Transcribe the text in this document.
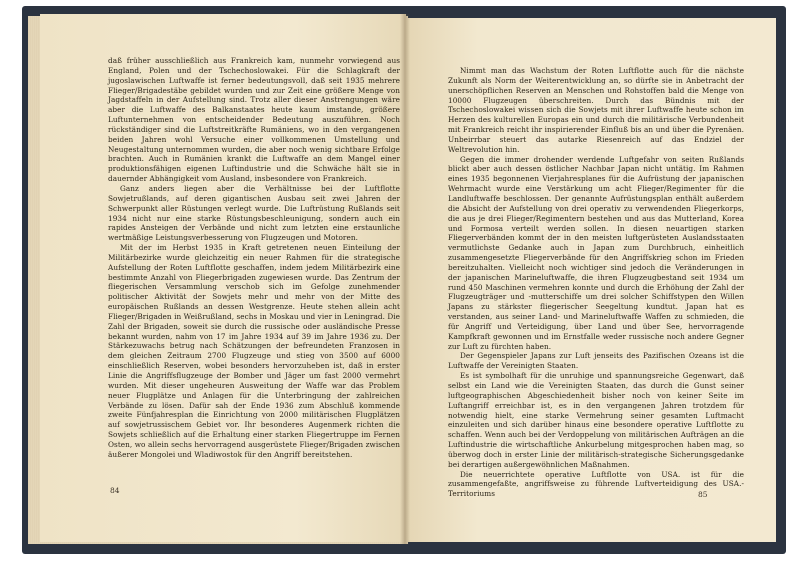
daß früher ausschließlich aus Frankreich kam, nunmehr vorwiegend aus England, Polen und der Tschechoslowakei. Für die Schlagkraft der jugoslawischen Luftwaffe ist ferner bedeutungsvoll, daß seit 1935 mehrere Flieger/Brigadestäbe gebildet wurden und zur Zeit eine größere Menge von Jagdstaffeln in der Aufstellung sind. Trotz aller dieser Anstrengungen wäre aber die Luftwaffe des Balkanstaates heute kaum imstande, größere Luftunternehmen von entscheidender Bedeutung auszuführen. Noch rückständiger sind die Luftstreitkräfte Rumäniens, wo in den vergangenen beiden Jahren wohl Versuche einer vollkommenen Umstellung und Neugestaltung unternommen wurden, die aber noch wenig sichtbare Erfolge brachten. Auch in Rumänien krankt die Luftwaffe an dem Mangel einer produktionsfähigen eigenen Luftindustrie und die Schwäche hält sie in dauernder Abhängigkeit vom Ausland, insbesondere von Frankreich.

Ganz anders liegen aber die Verhältnisse bei der Luftflotte Sowjetrußlands, auf deren gigantischen Ausbau seit zwei Jahren der Schwerpunkt aller Rüstungen verlegt wurde. Die Luftrüstung Rußlands seit 1934 nicht nur eine starke Rüstungsbeschleunigung, sondern auch ein rapides Ansteigen der Verbände und nicht zum letzten eine erstaunliche wertmäßige Leistungsverbesserung von Flugzeugen und Motoren.

Mit der im Herbst 1935 in Kraft getretenen neuen Einteilung der Militärbezirke wurde gleichzeitig ein neuer Rahmen für die strategische Aufstellung der Roten Luftflotte geschaffen, indem jedem Militärbezirk eine bestimmte Anzahl von Fliegerbrigaden zugewiesen wurde. Das Zentrum der fliegerischen Versammlung verschob sich im Gefolge zunehmender politischer Aktivität der Sowjets mehr und mehr von der Mitte des europäischen Rußlands an dessen Westgrenze. Heute stehen allein acht Flieger/Brigaden in Weißrußland, sechs in Moskau und vier in Leningrad. Die Zahl der Brigaden, soweit sie durch die russische oder ausländische Presse bekannt wurden, nahm von 17 im Jahre 1934 auf 39 im Jahre 1936 zu. Der Stärkezuwachs betrug nach Schätzungen der befreundeten Franzosen in dem gleichen Zeitraum 2700 Flugzeuge und stieg von 3500 auf 6000 einschließlich Reserven, wobei besonders hervorzuheben ist, daß in erster Linie die Angriffsflugzeuge der Bomber und Jäger um fast 2000 vermehrt wurden. Mit dieser ungeheuren Ausweitung der Waffe war das Problem neuer Flugplätze und Anlagen für die Unterbringung der zahlreichen Verbände zu lösen. Dafür sah der Ende 1936 zum Abschluß kommende zweite Fünfjahresplan die Einrichtung von 2000 militärischen Flugplätzen auf sowjetrussischem Gebiet vor. Ihr besonderes Augenmerk richten die Sowjets schließlich auf die Erhaltung einer starken Fliegertruppe im Fernen Osten, wo allein sechs hervorragend ausgerüstete Flieger/Brigaden zwischen äußerer Mongolei und Wladiwostok für den Angriff bereitstehen.

84

Nimmt man das Wachstum der Roten Luftflotte auch für die nächste Zukunft als Norm der Weiterentwicklung an, so dürfte sie in Anbetracht der unerschöpflichen Reserven an Menschen und Rohstoffen bald die Menge von 10000 Flugzeugen überschreiten. Durch das Bündnis mit der Tschechoslowakei wissen sich die Sowjets mit ihrer Luftwaffe heute schon im Herzen des kulturellen Europas ein und durch die militärische Verbundenheit mit Frankreich reicht ihr inspirierender Einfluß bis an und über die Pyrenäen. Unbeirrbar steuert das autarke Riesenreich auf das Endziel der Weltrevolution hin.

Gegen die immer drohender werdende Luftgefahr von seiten Rußlands blickt aber auch dessen östlicher Nachbar Japan nicht untätig. Im Rahmen eines 1935 begonnenen Vierjahresplanes für die Aufrüstung der japanischen Wehrmacht wurde eine Verstärkung um acht Flieger/Regimenter für die Landluftwaffe beschlossen. Der genannte Aufrüstungsplan enthält außerdem die Absicht der Aufstellung von drei operativ zu verwendenden Fliegerkorps, die aus je drei Flieger/Regimentern bestehen und aus das Mutterland, Korea und Formosa verteilt werden sollen. In diesen neuartigen starken Fliegerverbänden kommt der in den meisten luftgerüsteten Auslandsstaaten vermutlichste Gedanke auch in Japan zum Durchbruch, einheitlich zusammengesetzte Fliegerverbände für den Angriffskrieg schon im Frieden bereitzuhalten. Vielleicht noch wichtiger sind jedoch die Veränderungen in der japanischen Marineluftwaffe, die ihren Flugzeugbestand seit 1934 um rund 450 Maschinen vermehren konnte und durch die Erhöhung der Zahl der Flugzeugträger und -mutterschiffe um drei solcher Schiffstypen den Willen Japans zu stärkster fliegerischer Seegeltung kundtut. Japan hat es verstanden, aus seiner Land- und Marineluftwaffe Waffen zu schmieden, die für Angriff und Verteidigung, über Land und über See, hervorragende Kampfkraft gewonnen und im Ernstfalle weder russische noch andere Gegner zur Luft zu fürchten haben.

Der Gegenspieler Japans zur Luft jenseits des Pazifischen Ozeans ist die Luftwaffe der Vereinigten Staaten.

Es ist symbolhaft für die unruhige und spannungsreiche Gegenwart, daß selbst ein Land wie die Vereinigten Staaten, das durch die Gunst seiner luftgeographischen Abgeschiedenheit bisher noch von keiner Seite im Luftangriff erreichbar ist, es in den vergangenen Jahren trotzdem für notwendig hielt, eine starke Vermehrung seiner gesamten Luftmacht einzuleiten und sich darüber hinaus eine besondere operative Luftflotte zu schaffen. Wenn auch bei der Verdoppelung von militärischen Aufträgen an die Luftindustrie die wirtschaftliche Ankurbelung mitgesprochen haben mag, so überwog doch in erster Linie der militärisch-strategische Sicherungsgedanke bei derartigen außergewöhnlichen Maßnahmen.

Die neuerrichtete operative Luftflotte von USA. ist für die zusammengefaßte, angriffsweise zu führende Luftverteidigung des USA.-Territoriums	85
